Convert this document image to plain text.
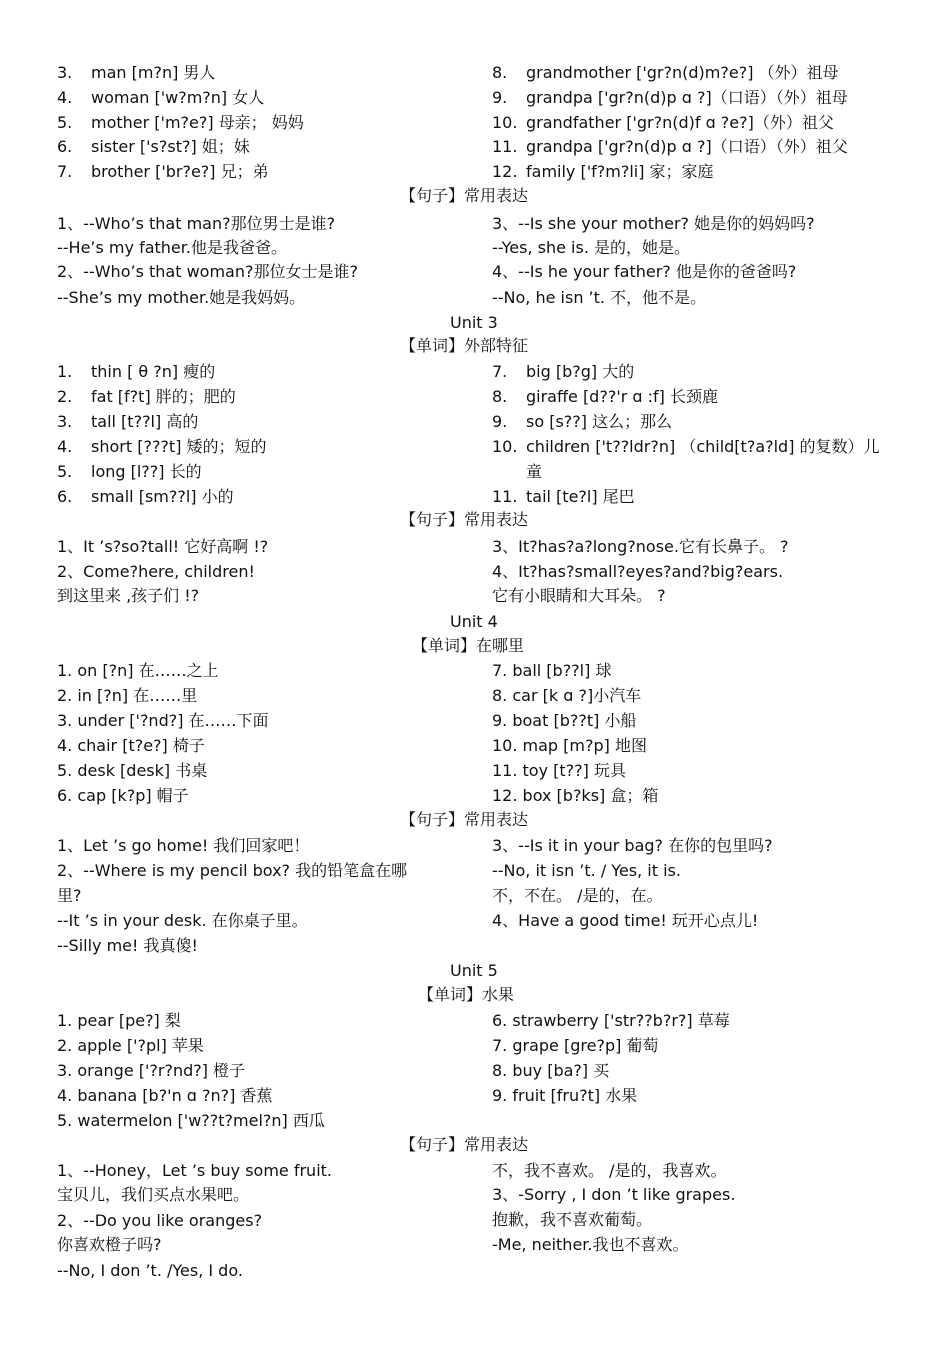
3. man [m?n] 男人
4. woman ['w?m?n] 女人
5. mother ['m?e?] 母亲； 妈妈
6. sister ['s?st?] 姐；妹
7. brother ['br?e?] 兄；弟
8. grandmother ['gr?n(d)m?e?] （外）祖母
9. grandpa ['gr?n(d)p ɑ ?]（口语）（外）祖母
10. grandfather ['gr?n(d)f ɑ ?e?]（外）祖父
11. grandpa ['gr?n(d)p ɑ ?]（口语）（外）祖父
12. family ['f?m?li] 家；家庭
【句子】常用表达
1、--Who’s that man?那位男士是谁?
--He’s my father.他是我爸爸。
2、--Who’s that woman?那位女士是谁?
--She’s my mother.她是我妈妈。
3、--Is she your mother? 她是你的妈妈吗?
--Yes, she is. 是的，她是。
4、--Is he your father? 他是你的爸爸吗?
--No, he isn ’t. 不，他不是。
Unit 3
【单词】外部特征
1. thin [ θ ?n] 瘦的
2. fat [f?t] 胖的；肥的
3. tall [t??l] 高的
4. short [???t] 矮的；短的
5. long [l??] 长的
6. small [sm??l] 小的
7. big [b?g] 大的
8. giraffe [d??'r ɑ :f] 长颈鹿
9. so [s??] 这么；那么
10. children ['t??ldr?n] （child[t?a?ld] 的复数）儿
童
11. tail [te?l] 尾巴
【句子】常用表达
1、It ’s?so?tall! 它好高啊 !?
2、Come?here, children!
到这里来 ,孩子们 !?
3、It?has?a?long?nose.它有长鼻子。 ?
4、It?has?small?eyes?and?big?ears.
它有小眼睛和大耳朵。 ?
Unit 4
【单词】在哪里
1. on [?n] 在……之上
2. in [?n] 在……里
3. under ['?nd?] 在……下面
4. chair [t?e?] 椅子
5. desk [desk] 书桌
6. cap [k?p] 帽子
7. ball [b??l] 球
8. car [k ɑ ?]小汽车
9. boat [b??t] 小船
10. map [m?p] 地图
11. toy [t??] 玩具
12. box [b?ks] 盒；箱
【句子】常用表达
1、Let ’s go home! 我们回家吧！
2、--Where is my pencil box? 我的铅笔盒在哪
里?
--It ’s in your desk. 在你桌子里。
--Silly me! 我真傻!
3、--Is it in your bag? 在你的包里吗?
--No, it isn ’t. / Yes, it is.
不，不在。 /是的，在。
4、Have a good time! 玩开心点儿!
Unit 5
【单词】水果
1. pear [pe?] 梨
2. apple ['?pl] 苹果
3. orange ['?r?nd?] 橙子
4. banana [b?'n ɑ ?n?] 香蕉
5. watermelon ['w??t?mel?n] 西瓜
6. strawberry ['str??b?r?] 草莓
7. grape [gre?p] 葡萄
8. buy [ba?] 买
9. fruit [fru?t] 水果
【句子】常用表达
1、--Honey，Let ’s buy some fruit.
宝贝儿，我们买点水果吧。
2、--Do you like oranges?
你喜欢橙子吗?
--No, I don ’t. /Yes, I do.
不，我不喜欢。 /是的，我喜欢。
3、-Sorry , I don ’t like grapes.
抱歉，我不喜欢葡萄。
-Me, neither.我也不喜欢。
